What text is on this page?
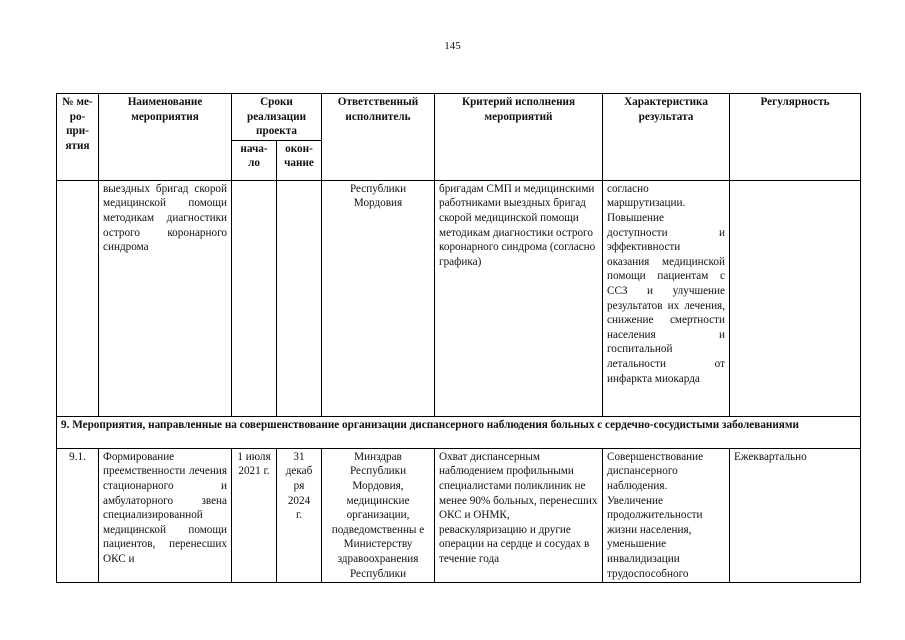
145
№ ме-
ро-
при-
ятия	Наименование мероприятия	Сроки реализации проекта		Ответственный исполнитель	Критерий исполнения мероприятий	Характеристика результата	Регулярность
		нача-
ло	окон-
чание				
	выездных бригад скорой медицинской помощи методикам диагностики острого коронарного синдрома			Республики Мордовия	бригадам СМП и медицинскими работниками выездных бригад скорой медицинской помощи методикам диагностики острого коронарного синдрома (согласно графика)	согласно маршрутизации. Повышение доступности и эффективности оказания медицинской помощи пациентам с ССЗ и улучшение результатов их лечения, снижение смертности населения и госпитальной летальности от инфаркта миокарда	
9. Мероприятия, направленные на совершенствование организации диспансерного наблюдения больных с сердечно-сосудистыми заболеваниями							
9.1.	Формирование преемственности лечения стационарного и амбулаторного звена специализированной медицинской помощи пациентов, перенесших ОКС и	1 июля 2021 г.	31 декаб
ря
2024
г.	Минздрав Республики Мордовия, медицинские организации, подведомственны е Министерству здравоохранения Республики	Охват диспансерным наблюдением профильными специалистами поликлиник не менее 90% больных, перенесших ОКС и ОНМК, реваскуляризацию и другие операции на сердце и сосудах в течение года	Совершенствование диспансерного наблюдения. Увеличение продолжительности жизни населения, уменьшение инвалидизации трудоспособного	Ежеквартально
